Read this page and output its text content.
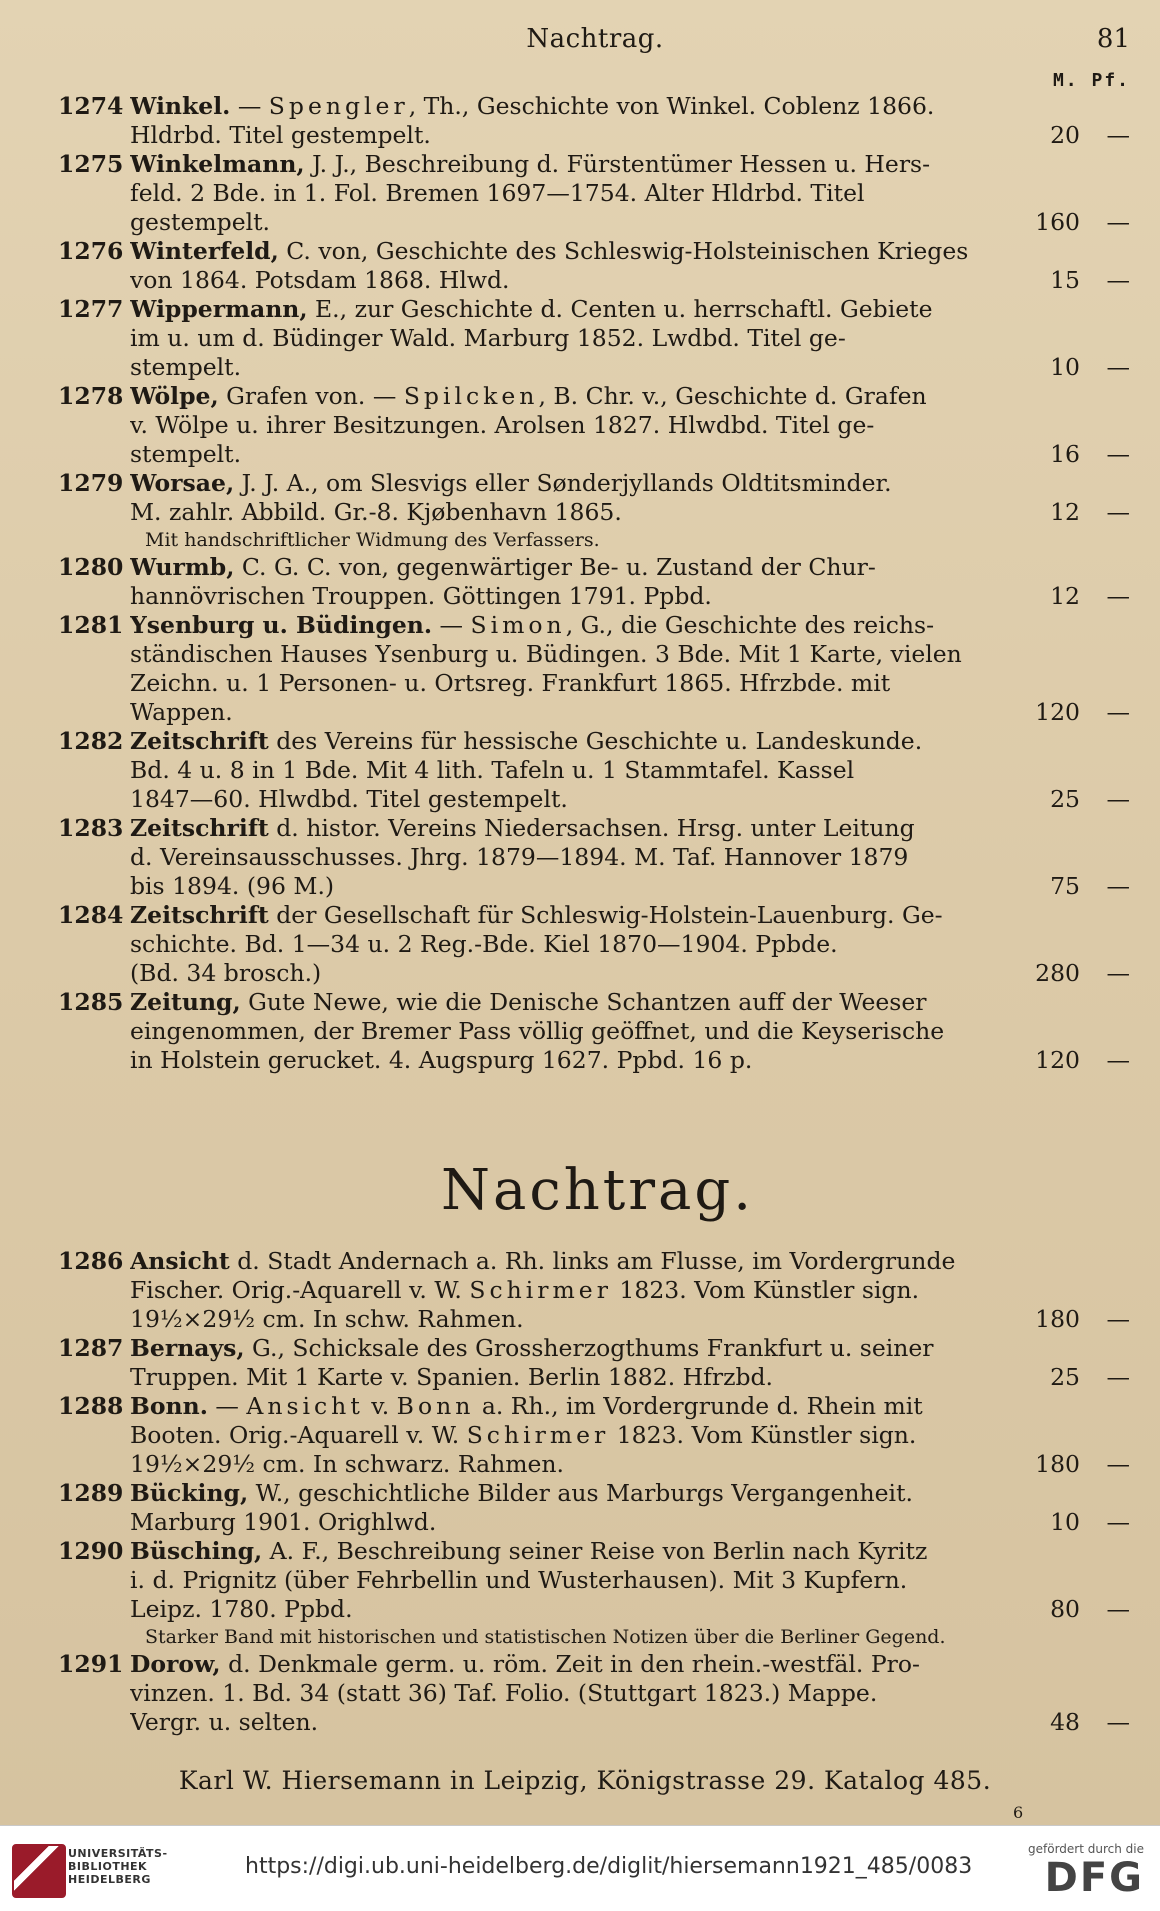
Nachtrag.	81
M. Pf.
1274 Winkel. — Spengler, Th., Geschichte von Winkel. Coblenz 1866.
Hldrbd. Titel gestempelt.	20	—
1275 Winkelmann, J. J., Beschreibung d. Fürstentümer Hessen u. Hers-
feld. 2 Bde. in 1. Fol. Bremen 1697—1754. Alter Hldrbd. Titel
gestempelt.	160	—
1276 Winterfeld, C. von, Geschichte des Schleswig-Holsteinischen Krieges
von 1864. Potsdam 1868. Hlwd.	15	—
1277 Wippermann, E., zur Geschichte d. Centen u. herrschaftl. Gebiete
im u. um d. Büdinger Wald. Marburg 1852. Lwdbd. Titel ge-
stempelt.	10	—
1278 Wölpe, Grafen von. — Spilcken, B. Chr. v., Geschichte d. Grafen
v. Wölpe u. ihrer Besitzungen. Arolsen 1827. Hlwdbd. Titel ge-
stempelt.	16	—
1279 Worsae, J. J. A., om Slesvigs eller Sønderjyllands Oldtitsminder.
M. zahlr. Abbild. Gr.-8. Kjøbenhavn 1865.	12	—
Mit handschriftlicher Widmung des Verfassers.
1280 Wurmb, C. G. C. von, gegenwärtiger Be- u. Zustand der Chur-
hannövrischen Trouppen. Göttingen 1791. Ppbd.	12	—
1281 Ysenburg u. Büdingen. — Simon, G., die Geschichte des reichs-
ständischen Hauses Ysenburg u. Büdingen. 3 Bde. Mit 1 Karte, vielen
Zeichn. u. 1 Personen- u. Ortsreg. Frankfurt 1865. Hfrzbde. mit
Wappen.	120	—
1282 Zeitschrift des Vereins für hessische Geschichte u. Landeskunde.
Bd. 4 u. 8 in 1 Bde. Mit 4 lith. Tafeln u. 1 Stammtafel. Kassel
1847—60. Hlwdbd. Titel gestempelt.	25	—
1283 Zeitschrift d. histor. Vereins Niedersachsen. Hrsg. unter Leitung
d. Vereinsausschusses. Jhrg. 1879—1894. M. Taf. Hannover 1879
bis 1894. (96 M.)	75	—
1284 Zeitschrift der Gesellschaft für Schleswig-Holstein-Lauenburg. Ge-
schichte. Bd. 1—34 u. 2 Reg.-Bde. Kiel 1870—1904. Ppbde.
(Bd. 34 brosch.)	280	—
1285 Zeitung, Gute Newe, wie die Denische Schantzen auff der Weeser
eingenommen, der Bremer Pass völlig geöffnet, und die Keyserische
in Holstein gerucket. 4. Augspurg 1627. Ppbd. 16 p.	120	—
Nachtrag.
1286 Ansicht d. Stadt Andernach a. Rh. links am Flusse, im Vordergrunde
Fischer. Orig.-Aquarell v. W. Schirmer 1823. Vom Künstler sign.
19½×29½ cm. In schw. Rahmen.	180	—
1287 Bernays, G., Schicksale des Grossherzogthums Frankfurt u. seiner
Truppen. Mit 1 Karte v. Spanien. Berlin 1882. Hfrzbd.	25	—
1288 Bonn. — Ansicht v. Bonn a. Rh., im Vordergrunde d. Rhein mit
Booten. Orig.-Aquarell v. W. Schirmer 1823. Vom Künstler sign.
19½×29½ cm. In schwarz. Rahmen.	180	—
1289 Bücking, W., geschichtliche Bilder aus Marburgs Vergangenheit.
Marburg 1901. Orighlwd.	10	—
1290 Büsching, A. F., Beschreibung seiner Reise von Berlin nach Kyritz
i. d. Prignitz (über Fehrbellin und Wusterhausen). Mit 3 Kupfern.
Leipz. 1780. Ppbd.	80	—
Starker Band mit historischen und statistischen Notizen über die Berliner Gegend.
1291 Dorow, d. Denkmale germ. u. röm. Zeit in den rhein.-westfäl. Pro-
vinzen. 1. Bd. 34 (statt 36) Taf. Folio. (Stuttgart 1823.) Mappe.
Vergr. u. selten.	48	—
Karl W. Hiersemann in Leipzig, Königstrasse 29. Katalog 485.
6
UNIVERSITÄTS-
BIBLIOTHEK
HEIDELBERG
https://digi.ub.uni-heidelberg.de/diglit/hiersemann1921_485/0083
gefördert durch die
DFG
